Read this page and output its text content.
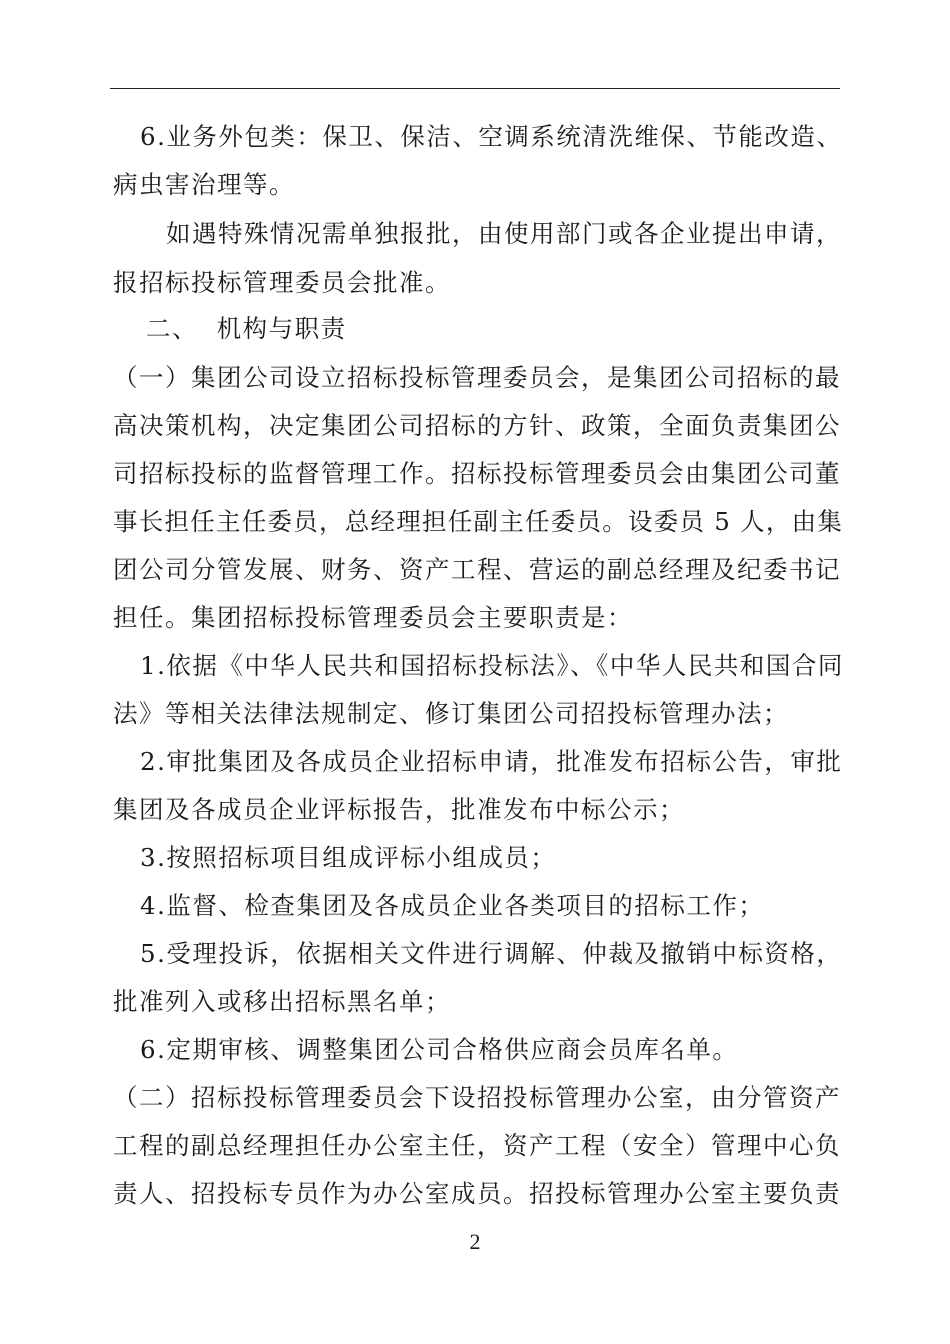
6.业务外包类：保卫、保洁、空调系统清洗维保、节能改造、
病虫害治理等。
如遇特殊情况需单独报批，由使用部门或各企业提出申请，
报招标投标管理委员会批准。
二、  机构与职责
（一）集团公司设立招标投标管理委员会，是集团公司招标的最
高决策机构，决定集团公司招标的方针、政策，全面负责集团公
司招标投标的监督管理工作。招标投标管理委员会由集团公司董
事长担任主任委员，总经理担任副主任委员。设委员 5 人，由集
团公司分管发展、财务、资产工程、营运的副总经理及纪委书记
担任。集团招标投标管理委员会主要职责是：
1.依据《中华人民共和国招标投标法》、《中华人民共和国合同
法》等相关法律法规制定、修订集团公司招投标管理办法；
2.审批集团及各成员企业招标申请，批准发布招标公告，审批
集团及各成员企业评标报告，批准发布中标公示；
3.按照招标项目组成评标小组成员；
4.监督、检查集团及各成员企业各类项目的招标工作；
5.受理投诉，依据相关文件进行调解、仲裁及撤销中标资格，
批准列入或移出招标黑名单；
6.定期审核、调整集团公司合格供应商会员库名单。
（二）招标投标管理委员会下设招投标管理办公室，由分管资产
工程的副总经理担任办公室主任，资产工程（安全）管理中心负
责人、招投标专员作为办公室成员。招投标管理办公室主要负责
2
